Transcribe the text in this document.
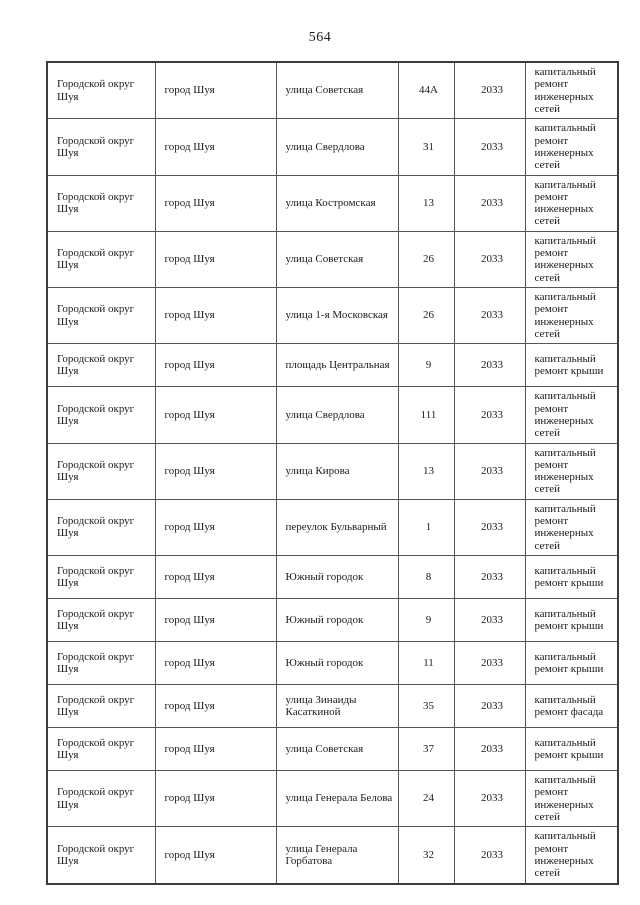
564
Городской округ Шуя	город Шуя	улица Советская	44А	2033	капитальный ремонт инженерных сетей
Городской округ Шуя	город Шуя	улица Свердлова	31	2033	капитальный ремонт инженерных сетей
Городской округ Шуя	город Шуя	улица Костромская	13	2033	капитальный ремонт инженерных сетей
Городской округ Шуя	город Шуя	улица Советская	26	2033	капитальный ремонт инженерных сетей
Городской округ Шуя	город Шуя	улица 1-я Московская	26	2033	капитальный ремонт инженерных сетей
Городской округ Шуя	город Шуя	площадь Центральная	9	2033	капитальный ремонт крыши
Городской округ Шуя	город Шуя	улица Свердлова	111	2033	капитальный ремонт инженерных сетей
Городской округ Шуя	город Шуя	улица Кирова	13	2033	капитальный ремонт инженерных сетей
Городской округ Шуя	город Шуя	переулок Бульварный	1	2033	капитальный ремонт инженерных сетей
Городской округ Шуя	город Шуя	Южный городок	8	2033	капитальный ремонт крыши
Городской округ Шуя	город Шуя	Южный городок	9	2033	капитальный ремонт крыши
Городской округ Шуя	город Шуя	Южный городок	11	2033	капитальный ремонт крыши
Городской округ Шуя	город Шуя	улица Зинаиды Касаткиной	35	2033	капитальный ремонт фасада
Городской округ Шуя	город Шуя	улица Советская	37	2033	капитальный ремонт крыши
Городской округ Шуя	город Шуя	улица Генерала Белова	24	2033	капитальный ремонт инженерных сетей
Городской округ Шуя	город Шуя	улица Генерала Горбатова	32	2033	капитальный ремонт инженерных сетей
